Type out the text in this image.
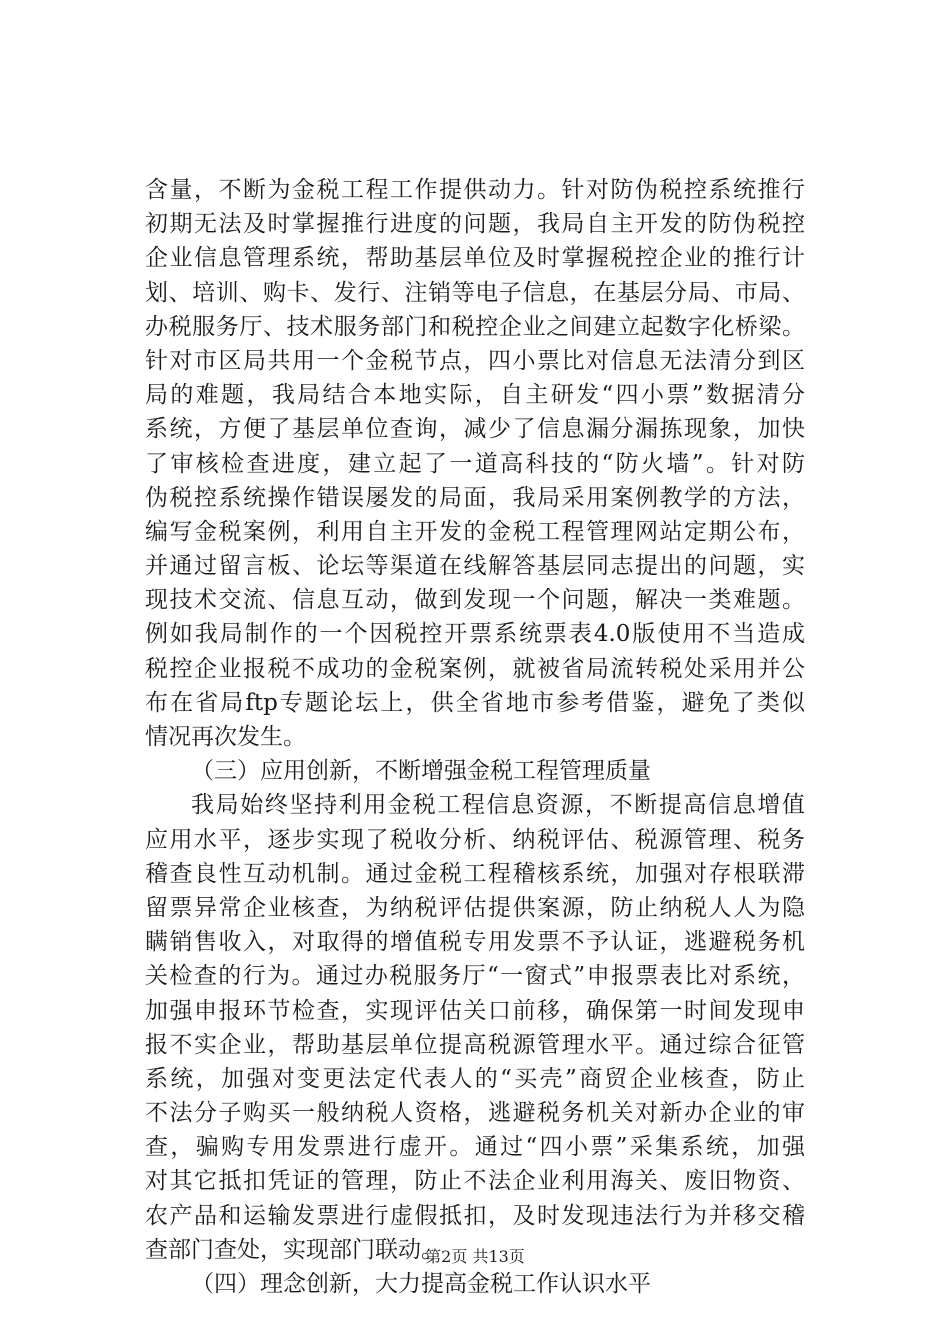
含量，不断为金税工程工作提供动力。针对防伪税控系统推行
初期无法及时掌握推行进度的问题，我局自主开发的防伪税控
企业信息管理系统，帮助基层单位及时掌握税控企业的推行计
划、培训、购卡、发行、注销等电子信息，在基层分局、市局、
办税服务厅、技术服务部门和税控企业之间建立起数字化桥梁。
针对市区局共用一个金税节点，四小票比对信息无法清分到区
局的难题，我局结合本地实际，自主研发“四小票”数据清分
系统，方便了基层单位查询，减少了信息漏分漏拣现象，加快
了审核检查进度，建立起了一道高科技的“防火墙”。针对防
伪税控系统操作错误屡发的局面，我局采用案例教学的方法，
编写金税案例，利用自主开发的金税工程管理网站定期公布，
并通过留言板、论坛等渠道在线解答基层同志提出的问题，实
现技术交流、信息互动，做到发现一个问题，解决一类难题。
例如我局制作的一个因税控开票系统票表4.0版使用不当造成
税控企业报税不成功的金税案例，就被省局流转税处采用并公
布在省局ftp专题论坛上，供全省地市参考借鉴，避免了类似
情况再次发生。
（三）应用创新，不断增强金税工程管理质量
我局始终坚持利用金税工程信息资源，不断提高信息增值
应用水平，逐步实现了税收分析、纳税评估、税源管理、税务
稽查良性互动机制。通过金税工程稽核系统，加强对存根联滞
留票异常企业核查，为纳税评估提供案源，防止纳税人人为隐
瞒销售收入，对取得的增值税专用发票不予认证，逃避税务机
关检查的行为。通过办税服务厅“一窗式”申报票表比对系统，
加强申报环节检查，实现评估关口前移，确保第一时间发现申
报不实企业，帮助基层单位提高税源管理水平。通过综合征管
系统，加强对变更法定代表人的“买壳”商贸企业核查，防止
不法分子购买一般纳税人资格，逃避税务机关对新办企业的审
查，骗购专用发票进行虚开。通过“四小票”采集系统，加强
对其它抵扣凭证的管理，防止不法企业利用海关、废旧物资、
农产品和运输发票进行虚假抵扣，及时发现违法行为并移交稽
查部门查处，实现部门联动。
（四）理念创新，大力提高金税工作认识水平
第2页 共13页
